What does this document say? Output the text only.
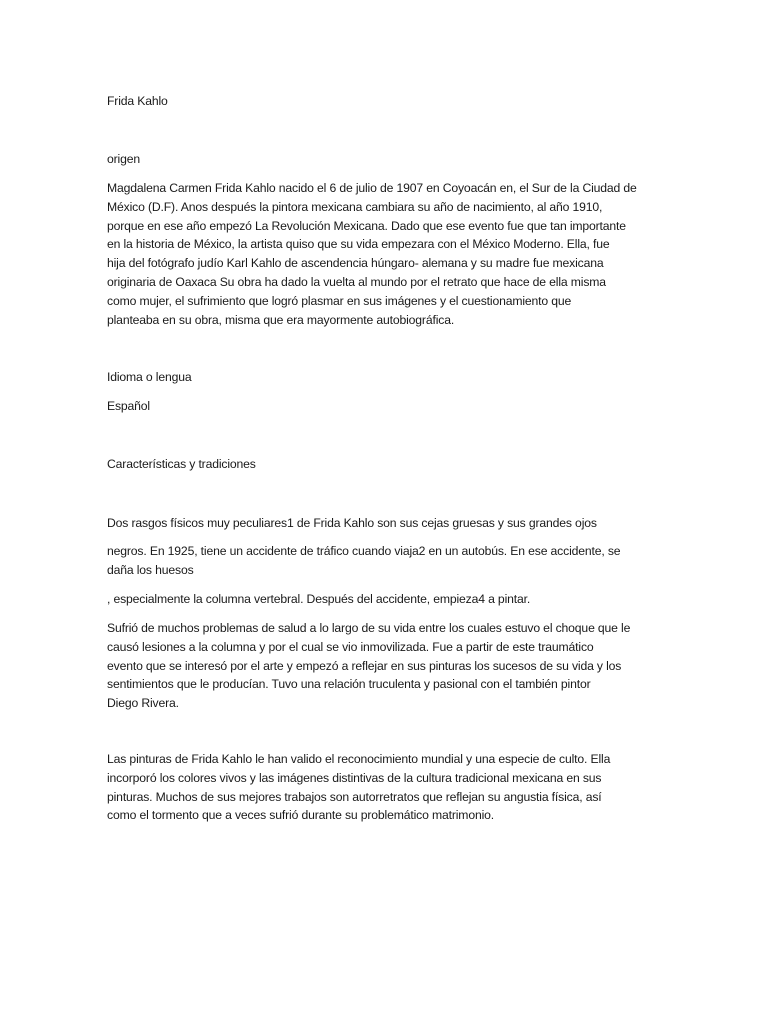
Frida Kahlo

origen

Magdalena Carmen Frida Kahlo nacido el 6 de julio de 1907 en Coyoacán en, el Sur de la Ciudad de
México (D.F). Anos después la pintora mexicana cambiara su año de nacimiento, al año 1910,
porque en ese año empezó La Revolución Mexicana. Dado que ese evento fue que tan importante
en la historia de México, la artista quiso que su vida empezara con el México Moderno. Ella, fue
hija del fotógrafo judío Karl Kahlo de ascendencia húngaro- alemana y su madre fue mexicana
originaria de Oaxaca Su obra ha dado la vuelta al mundo por el retrato que hace de ella misma
como mujer, el sufrimiento que logró plasmar en sus imágenes y el cuestionamiento que
planteaba en su obra, misma que era mayormente autobiográfica.

Idioma o lengua

Español

Características y tradiciones

Dos rasgos físicos muy peculiares1 de Frida Kahlo son sus cejas gruesas y sus grandes ojos

negros. En 1925, tiene un accidente de tráfico cuando viaja2 en un autobús. En ese accidente, se
daña los huesos

, especialmente la columna vertebral. Después del accidente, empieza4 a pintar.

Sufrió de muchos problemas de salud a lo largo de su vida entre los cuales estuvo el choque que le
causó lesiones a la columna y por el cual se vio inmovilizada. Fue a partir de este traumático
evento que se interesó por el arte y empezó a reflejar en sus pinturas los sucesos de su vida y los
sentimientos que le producían. Tuvo una relación truculenta y pasional con el también pintor
Diego Rivera.

Las pinturas de Frida Kahlo le han valido el reconocimiento mundial y una especie de culto. Ella
incorporó los colores vivos y las imágenes distintivas de la cultura tradicional mexicana en sus
pinturas. Muchos de sus mejores trabajos son autorretratos que reflejan su angustia física, así
como el tormento que a veces sufrió durante su problemático matrimonio.
